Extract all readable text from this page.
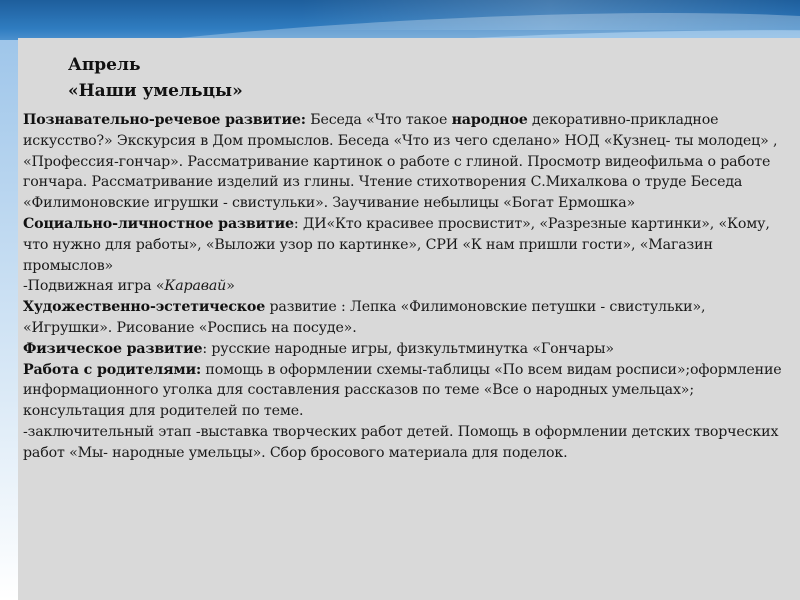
Апрель
«Наши умельцы»

Познавательно-речевое развитие: Беседа «Что такое народное декоративно-прикладное искусство?» Экскурсия в Дом промыслов. Беседа «Что из чего сделано» НОД «Кузнец- ты молодец» , «Профессия-гончар». Рассматривание картинок о работе с глиной. Просмотр видеофильма о работе гончара. Рассматривание изделий из глины. Чтение стихотворения С.Михалкова о труде Беседа «Филимоновские игрушки - свистульки». Заучивание небылицы «Богат Ермошка»

Социально-личностное развитие: ДИ«Кто красивее просвистит», «Разрезные картинки», «Кому, что нужно для работы», «Выложи узор по картинке», СРИ «К нам пришли гости», «Магазин промыслов»

-Подвижная игра «Каравай»

Художественно-эстетическое развитие : Лепка «Филимоновские петушки - свистульки», «Игрушки». Рисование «Роспись на посуде».

Физическое развитие: русские народные игры, физкультминутка «Гончары»

Работа с родителями: помощь в оформлении схемы-таблицы «По всем видам росписи»;оформление информационного уголка для составления рассказов по теме «Все о народных умельцах»; консультация для родителей по теме.

-заключительный этап -выставка творческих работ детей. Помощь в оформлении детских творческих работ «Мы- народные умельцы». Сбор бросового материала для поделок.
